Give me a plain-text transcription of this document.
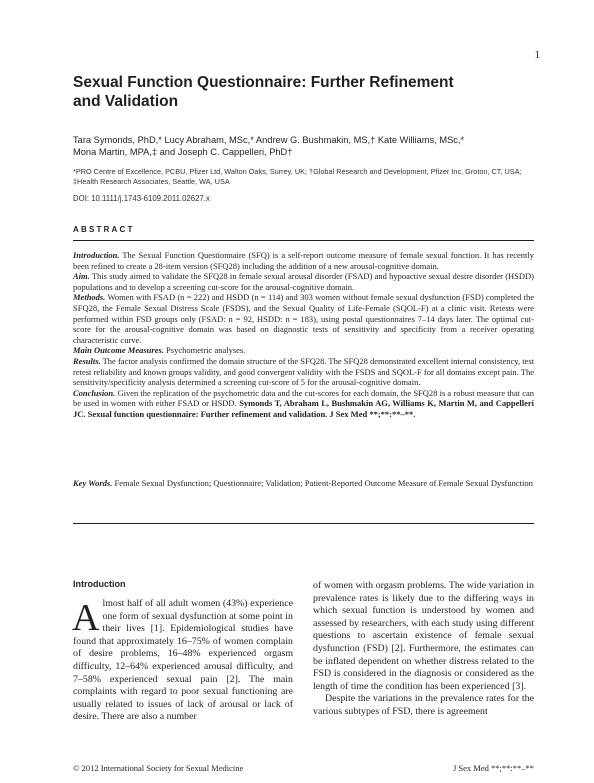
1
Sexual Function Questionnaire: Further Refinement
and Validation
Tara Symonds, PhD,* Lucy Abraham, MSc,* Andrew G. Bushmakin, MS,† Kate Williams, MSc,*
Mona Martin, MPA,‡ and Joseph C. Cappelleri, PhD†
*PRO Centre of Excellence, PCBU, Pfizer Ltd, Walton Oaks, Surrey, UK; †Global Research and Development, Pfizer Inc, Groton, CT, USA; ‡Health Research Associates, Seattle, WA, USA
DOI: 10.1111/j.1743-6109.2011.02627.x
ABSTRACT

Introduction. The Sexual Function Questionnaire (SFQ) is a self-report outcome measure of female sexual function. It has recently been refined to create a 28-item version (SFQ28) including the addition of a new arousal-cognitive domain.

Aim. This study aimed to validate the SFQ28 in female sexual arousal disorder (FSAD) and hypoactive sexual desire disorder (HSDD) populations and to develop a screening cut-score for the arousal-cognitive domain.

Methods. Women with FSAD (n = 222) and HSDD (n = 114) and 303 women without female sexual dysfunction (FSD) completed the SFQ28, the Female Sexual Distress Scale (FSDS), and the Sexual Quality of Life-Female (SQOL-F) at a clinic visit. Retests were performed within FSD groups only (FSAD: n = 92, HSDD: n = 183), using postal questionnaires 7–14 days later. The optimal cut-score for the arousal-cognitive domain was based on diagnostic tests of sensitivity and specificity from a receiver operating characteristic curve.

Main Outcome Measures. Psychometric analyses.

Results. The factor analysis confirmed the domain structure of the SFQ28. The SFQ28 demonstrated excellent internal consistency, test retest reliability and known groups validity, and good convergent validity with the FSDS and SQOL-F for all domains except pain. The sensitivity/specificity analysis determined a screening cut-score of 5 for the arousal-cognitive domain.

Conclusion. Given the replication of the psychometric data and the cut-scores for each domain, the SFQ28 is a robust measure that can be used in women with either FSAD or HSDD. Symonds T, Abraham L, Bushmakin AG, Williams K, Martin M, and Cappelleri JC. Sexual function questionnaire: Further refinement and validation. J Sex Med **;**:**–**.

Key Words. Female Sexual Dysfunction; Questionnaire; Validation; Patient-Reported Outcome Measure of Female Sexual Dysfunction
Introduction

Almost half of all adult women (43%) experience one form of sexual dysfunction at some point in their lives [1]. Epidemiological studies have found that approximately 16–75% of women complain of desire problems, 16–48% experienced orgasm difficulty, 12–64% experienced arousal difficulty, and 7–58% experienced sexual pain [2]. The main complaints with regard to poor sexual functioning are usually related to issues of lack of arousal or lack of desire. There are also a number

of women with orgasm problems. The wide variation in prevalence rates is likely due to the differing ways in which sexual function is understood by women and assessed by researchers, with each study using different questions to ascertain existence of female sexual dysfunction (FSD) [2]. Furthermore, the estimates can be inflated dependent on whether distress related to the FSD is considered in the diagnosis or considered as the length of time the condition has been experienced [3].

Despite the variations in the prevalence rates for the various subtypes of FSD, there is agreement

© 2012 International Society for Sexual Medicine	J Sex Med **;**:**–**
